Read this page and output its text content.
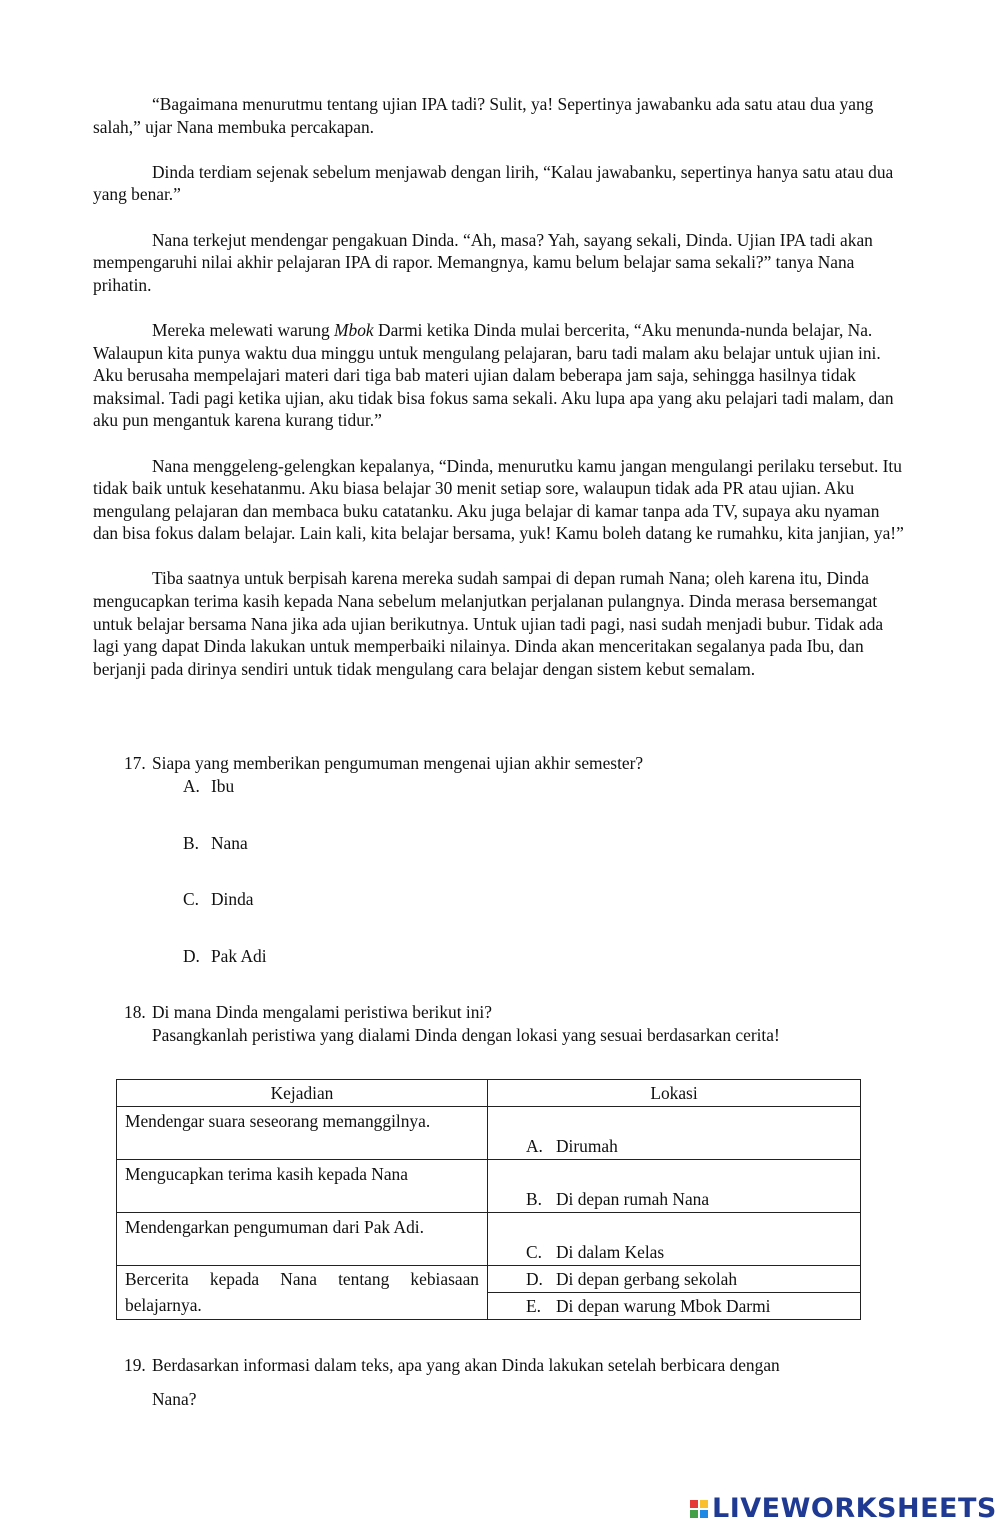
“Bagaimana menurutmu tentang ujian IPA tadi? Sulit, ya! Sepertinya jawabanku ada satu atau dua yang salah,” ujar Nana membuka percakapan.

Dinda terdiam sejenak sebelum menjawab dengan lirih, “Kalau jawabanku, sepertinya hanya satu atau dua yang benar.”

Nana terkejut mendengar pengakuan Dinda. “Ah, masa? Yah, sayang sekali, Dinda. Ujian IPA tadi akan mempengaruhi nilai akhir pelajaran IPA di rapor. Memangnya, kamu belum belajar sama sekali?” tanya Nana prihatin.

Mereka melewati warung Mbok Darmi ketika Dinda mulai bercerita, “Aku menunda-nunda belajar, Na. Walaupun kita punya waktu dua minggu untuk mengulang pelajaran, baru tadi malam aku belajar untuk ujian ini. Aku berusaha mempelajari materi dari tiga bab materi ujian dalam beberapa jam saja, sehingga hasilnya tidak maksimal. Tadi pagi ketika ujian, aku tidak bisa fokus sama sekali. Aku lupa apa yang aku pelajari tadi malam, dan aku pun mengantuk karena kurang tidur.”

Nana menggeleng-gelengkan kepalanya, “Dinda, menurutku kamu jangan mengulangi perilaku tersebut. Itu tidak baik untuk kesehatanmu. Aku biasa belajar 30 menit setiap sore, walaupun tidak ada PR atau ujian. Aku mengulang pelajaran dan membaca buku catatanku. Aku juga belajar di kamar tanpa ada TV, supaya aku nyaman dan bisa fokus dalam belajar. Lain kali, kita belajar bersama, yuk! Kamu boleh datang ke rumahku, kita janjian, ya!”

Tiba saatnya untuk berpisah karena mereka sudah sampai di depan rumah Nana; oleh karena itu, Dinda mengucapkan terima kasih kepada Nana sebelum melanjutkan perjalanan pulangnya. Dinda merasa bersemangat untuk belajar bersama Nana jika ada ujian berikutnya. Untuk ujian tadi pagi, nasi sudah menjadi bubur. Tidak ada lagi yang dapat Dinda lakukan untuk memperbaiki nilainya. Dinda akan menceritakan segalanya pada Ibu, dan berjanji pada dirinya sendiri untuk tidak mengulang cara belajar dengan sistem kebut semalam.

17. Siapa yang memberikan pengumuman mengenai ujian akhir semester?
A. Ibu
B. Nana
C. Dinda
D. Pak Adi
18. Di mana Dinda mengalami peristiwa berikut ini?
Pasangkanlah peristiwa yang dialami Dinda dengan lokasi yang sesuai berdasarkan cerita!
Kejadian	Lokasi
Mendengar suara seseorang memanggilnya.	A. Dirumah
Mengucapkan terima kasih kepada Nana	B. Di depan rumah Nana
Mendengarkan pengumuman dari Pak Adi.	C. Di dalam Kelas
Bercerita kepada Nana tentang kebiasaan belajarnya.	D. Di depan gerbang sekolah
	E. Di depan warung Mbok Darmi
19. Berdasarkan informasi dalam teks, apa yang akan Dinda lakukan setelah berbicara dengan
Nana?
LIVEWORKSHEETS
